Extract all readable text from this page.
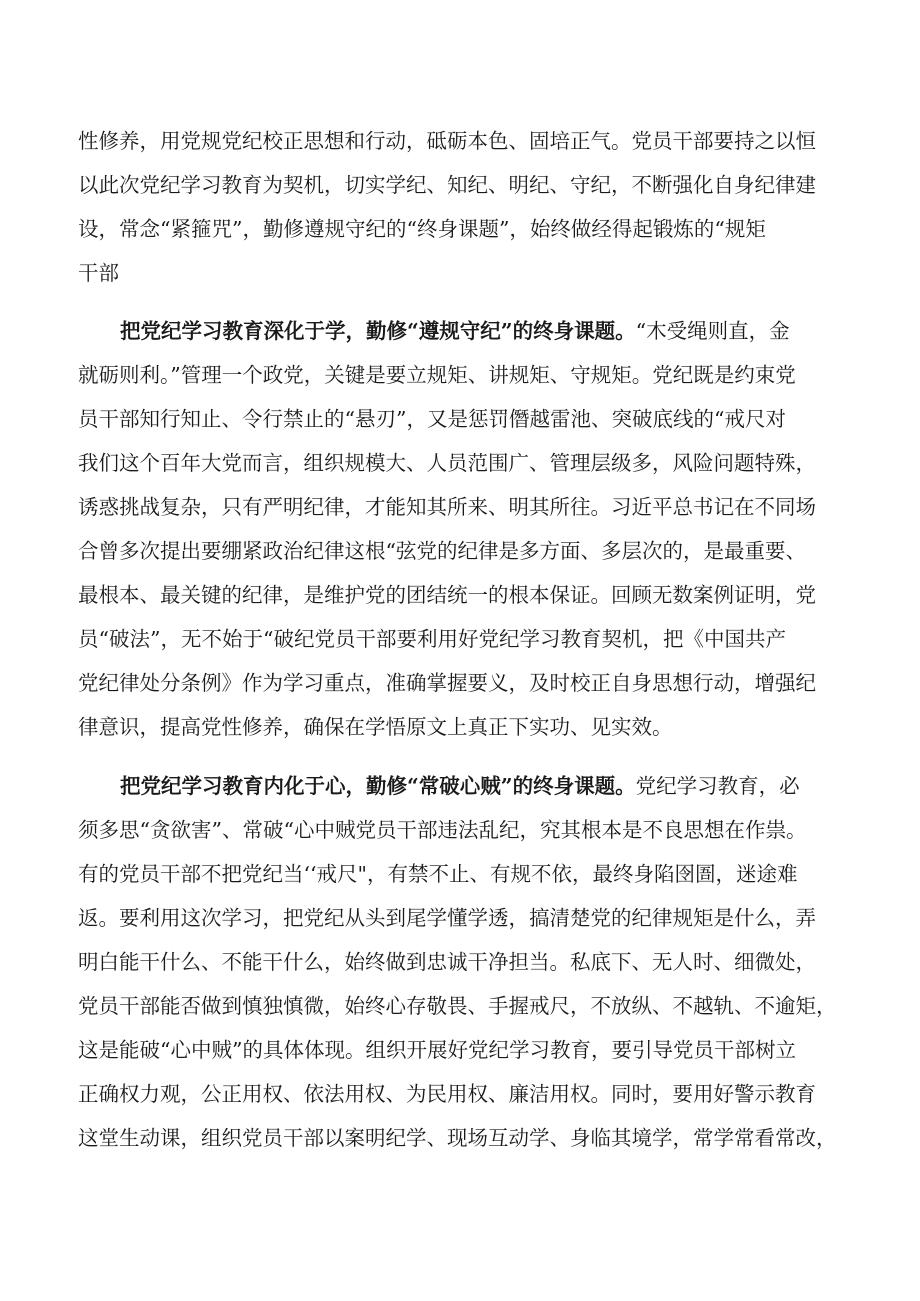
性修养，用党规党纪校正思想和行动，砥砺本色、固培正气。党员干部要持之以恒
以此次党纪学习教育为契机，切实学纪、知纪、明纪、守纪，不断强化自身纪律建
设，常念“紧箍咒”，勤修遵规守纪的“终身课题”，始终做经得起锻炼的“规矩
干部
把党纪学习教育深化于学，勤修“遵规守纪”的终身课题。“木受绳则直，金
就砺则利。”管理一个政党，关键是要立规矩、讲规矩、守规矩。党纪既是约束党
员干部知行知止、令行禁止的“悬刃”，又是惩罚僭越雷池、突破底线的“戒尺对
我们这个百年大党而言，组织规模大、人员范围广、管理层级多，风险问题特殊，
诱惑挑战复杂，只有严明纪律，才能知其所来、明其所往。习近平总书记在不同场
合曾多次提出要绷紧政治纪律这根“弦党的纪律是多方面、多层次的，是最重要、
最根本、最关键的纪律，是维护党的团结统一的根本保证。回顾无数案例证明，党
员“破法”，无不始于“破纪党员干部要利用好党纪学习教育契机，把《中国共产
党纪律处分条例》作为学习重点，准确掌握要义，及时校正自身思想行动，增强纪
律意识，提高党性修养，确保在学悟原文上真正下实功、见实效。
把党纪学习教育内化于心，勤修“常破心贼”的终身课题。党纪学习教育，必
须多思“贪欲害”、常破“心中贼党员干部违法乱纪，究其根本是不良思想在作祟。
有的党员干部不把党纪当‘‘戒尺"，有禁不止、有规不依，最终身陷囹圄，迷途难
返。要利用这次学习，把党纪从头到尾学懂学透，搞清楚党的纪律规矩是什么，弄
明白能干什么、不能干什么，始终做到忠诚干净担当。私底下、无人时、细微处，
党员干部能否做到慎独慎微，始终心存敬畏、手握戒尺，不放纵、不越轨、不逾矩，
这是能破“心中贼”的具体体现。组织开展好党纪学习教育，要引导党员干部树立
正确权力观，公正用权、依法用权、为民用权、廉洁用权。同时，要用好警示教育
这堂生动课，组织党员干部以案明纪学、现场互动学、身临其境学，常学常看常改，
